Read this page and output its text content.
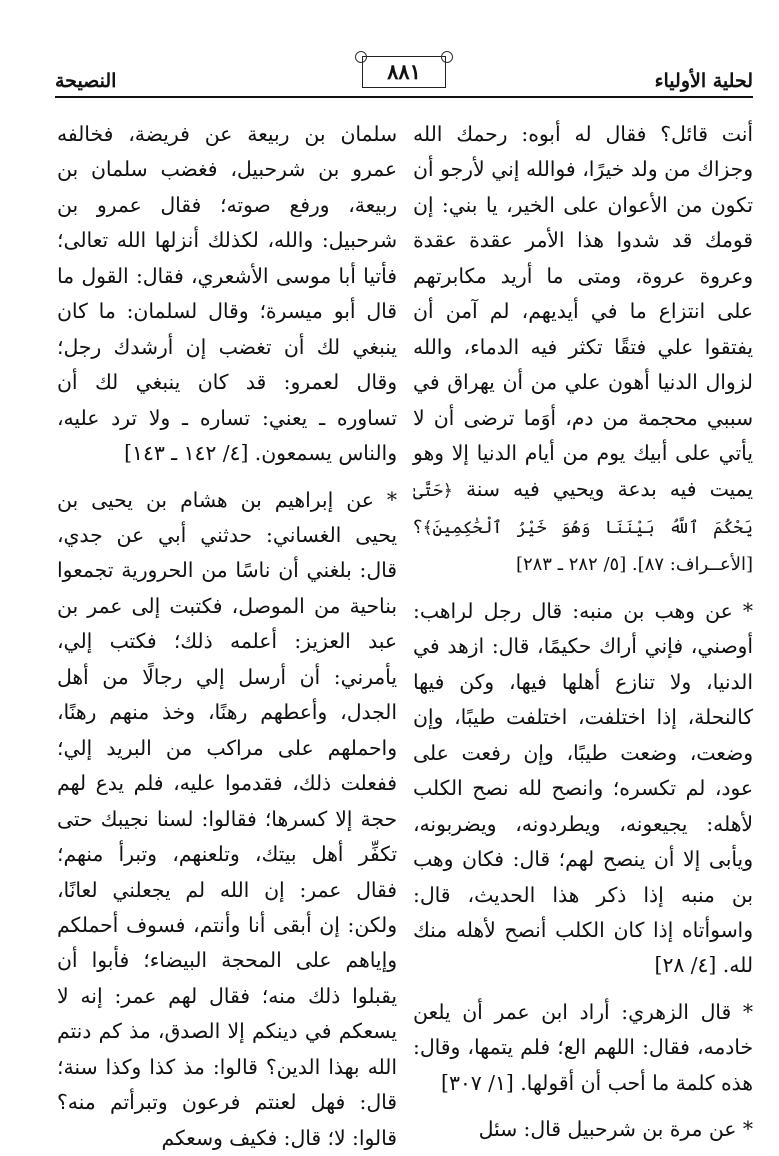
لحلية الأولياء
٨٨١
النصيحة

أنت قائل؟ فقال له أبوه: رحمك الله وجزاك من ولد خيرًا، فوالله إني لأرجو أن تكون من الأعوان على الخير، يا بني: إن قومك قد شدوا هذا الأمر عقدة عقدة وعروة عروة، ومتى ما أريد مكابرتهم على انتزاع ما في أيديهم، لم آمن أن يفتقوا علي فتقًا تكثر فيه الدماء، والله لزوال الدنيا أهون علي من أن يهراق في سببي محجمة من دم، أوَما ترضى أن لا يأتي على أبيك يوم من أيام الدنيا إلا وهو يميت فيه بدعة ويحيي فيه سنة ﴿حَتَّىٰ يَحْكُمَ ٱللَّهُ بَيْنَنَا وَهُوَ خَيْرُ ٱلْحَٰكِمِينَ﴾؟ [الأعــراف: ٨٧]. [٥/ ٢٨٢ ـ ٢٨٣]

* عن وهب بن منبه: قال رجل لراهب: أوصني، فإني أراك حكيمًا، قال: ازهد في الدنيا، ولا تنازع أهلها فيها، وكن فيها كالنحلة، إذا اختلفت، اختلفت طيبًا، وإن وضعت، وضعت طيبًا، وإن رفعت على عود، لم تكسره؛ وانصح لله نصح الكلب لأهله: يجيعونه، ويطردونه، ويضربونه، ويأبى إلا أن ينصح لهم؛ قال: فكان وهب بن منبه إذا ذكر هذا الحديث، قال: واسوأتاه إذا كان الكلب أنصح لأهله منك لله. [٤/ ٢٨]

* قال الزهري: أراد ابن عمر أن يلعن خادمه، فقال: اللهم الع؛ فلم يتمها، وقال: هذه كلمة ما أحب أن أقولها. [١/ ٣٠٧]

* عن مرة بن شرحبيل قال: سئل

سلمان بن ربيعة عن فريضة، فخالفه عمرو بن شرحبيل، فغضب سلمان بن ربيعة، ورفع صوته؛ فقال عمرو بن شرحبيل: والله، لكذلك أنزلها الله تعالى؛ فأتيا أبا موسى الأشعري، فقال: القول ما قال أبو ميسرة؛ وقال لسلمان: ما كان ينبغي لك أن تغضب إن أرشدك رجل؛ وقال لعمرو: قد كان ينبغي لك أن تساوره ـ يعني: تساره ـ ولا ترد عليه، والناس يسمعون. [٤/ ١٤٢ ـ ١٤٣]

* عن إبراهيم بن هشام بن يحيى بن يحيى الغساني: حدثني أبي عن جدي، قال: بلغني أن ناسًا من الحرورية تجمعوا بناحية من الموصل، فكتبت إلى عمر بن عبد العزيز: أعلمه ذلك؛ فكتب إلي، يأمرني: أن أرسل إلي رجالًا من أهل الجدل، وأعطهم رهنًا، وخذ منهم رهنًا، واحملهم على مراكب من البريد إلي؛ ففعلت ذلك، فقدموا عليه، فلم يدع لهم حجة إلا كسرها؛ فقالوا: لسنا نجيبك حتى تكفِّر أهل بيتك، وتلعنهم، وتبرأ منهم؛ فقال عمر: إن الله لم يجعلني لعانًا، ولكن: إن أبقى أنا وأنتم، فسوف أحملكم وإياهم على المحجة البيضاء؛ فأبوا أن يقبلوا ذلك منه؛ فقال لهم عمر: إنه لا يسعكم في دينكم إلا الصدق، مذ كم دنتم الله بهذا الدين؟ قالوا: مذ كذا وكذا سنة؛ قال: فهل لعنتم فرعون وتبرأتم منه؟ قالوا: لا؛ قال: فكيف وسعكم
